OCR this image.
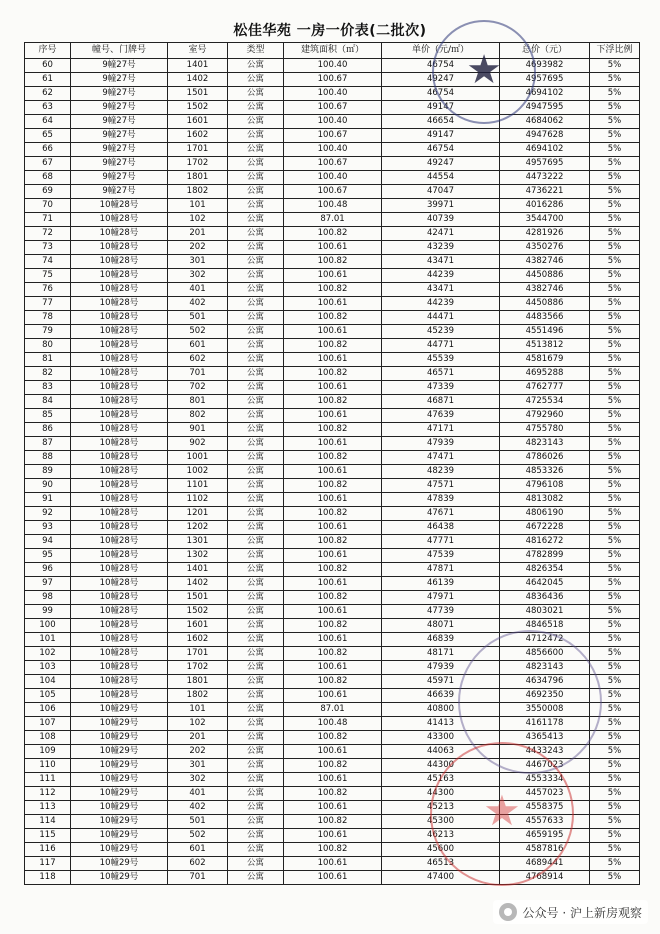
松佳华苑 一房一价表(二批次)
序号	幢号、门牌号	室号	类型	建筑面积（㎡）	单价（元/㎡）	总价（元）	下浮比例
60	9幢27号	1401	公寓	100.40	46754	4693982	5%
61	9幢27号	1402	公寓	100.67	49247	4957695	5%
62	9幢27号	1501	公寓	100.40	46754	4694102	5%
63	9幢27号	1502	公寓	100.67	49147	4947595	5%
64	9幢27号	1601	公寓	100.40	46654	4684062	5%
65	9幢27号	1602	公寓	100.67	49147	4947628	5%
66	9幢27号	1701	公寓	100.40	46754	4694102	5%
67	9幢27号	1702	公寓	100.67	49247	4957695	5%
68	9幢27号	1801	公寓	100.40	44554	4473222	5%
69	9幢27号	1802	公寓	100.67	47047	4736221	5%
70	10幢28号	101	公寓	100.48	39971	4016286	5%
71	10幢28号	102	公寓	87.01	40739	3544700	5%
72	10幢28号	201	公寓	100.82	42471	4281926	5%
73	10幢28号	202	公寓	100.61	43239	4350276	5%
74	10幢28号	301	公寓	100.82	43471	4382746	5%
75	10幢28号	302	公寓	100.61	44239	4450886	5%
76	10幢28号	401	公寓	100.82	43471	4382746	5%
77	10幢28号	402	公寓	100.61	44239	4450886	5%
78	10幢28号	501	公寓	100.82	44471	4483566	5%
79	10幢28号	502	公寓	100.61	45239	4551496	5%
80	10幢28号	601	公寓	100.82	44771	4513812	5%
81	10幢28号	602	公寓	100.61	45539	4581679	5%
82	10幢28号	701	公寓	100.82	46571	4695288	5%
83	10幢28号	702	公寓	100.61	47339	4762777	5%
84	10幢28号	801	公寓	100.82	46871	4725534	5%
85	10幢28号	802	公寓	100.61	47639	4792960	5%
86	10幢28号	901	公寓	100.82	47171	4755780	5%
87	10幢28号	902	公寓	100.61	47939	4823143	5%
88	10幢28号	1001	公寓	100.82	47471	4786026	5%
89	10幢28号	1002	公寓	100.61	48239	4853326	5%
90	10幢28号	1101	公寓	100.82	47571	4796108	5%
91	10幢28号	1102	公寓	100.61	47839	4813082	5%
92	10幢28号	1201	公寓	100.82	47671	4806190	5%
93	10幢28号	1202	公寓	100.61	46438	4672228	5%
94	10幢28号	1301	公寓	100.82	47771	4816272	5%
95	10幢28号	1302	公寓	100.61	47539	4782899	5%
96	10幢28号	1401	公寓	100.82	47871	4826354	5%
97	10幢28号	1402	公寓	100.61	46139	4642045	5%
98	10幢28号	1501	公寓	100.82	47971	4836436	5%
99	10幢28号	1502	公寓	100.61	47739	4803021	5%
100	10幢28号	1601	公寓	100.82	48071	4846518	5%
101	10幢28号	1602	公寓	100.61	46839	4712472	5%
102	10幢28号	1701	公寓	100.82	48171	4856600	5%
103	10幢28号	1702	公寓	100.61	47939	4823143	5%
104	10幢28号	1801	公寓	100.82	45971	4634796	5%
105	10幢28号	1802	公寓	100.61	46639	4692350	5%
106	10幢29号	101	公寓	87.01	40800	3550008	5%
107	10幢29号	102	公寓	100.48	41413	4161178	5%
108	10幢29号	201	公寓	100.82	43300	4365413	5%
109	10幢29号	202	公寓	100.61	44063	4433243	5%
110	10幢29号	301	公寓	100.82	44300	4467023	5%
111	10幢29号	302	公寓	100.61	45163	4553334	5%
112	10幢29号	401	公寓	100.82	44300	4457023	5%
113	10幢29号	402	公寓	100.61	45213	4558375	5%
114	10幢29号	501	公寓	100.82	45300	4557633	5%
115	10幢29号	502	公寓	100.61	46213	4659195	5%
116	10幢29号	601	公寓	100.82	45600	4587816	5%
117	10幢29号	602	公寓	100.61	46513	4689441	5%
118	10幢29号	701	公寓	100.61	47400	4768914	5%
★
★
公众号 · 沪上新房观察
